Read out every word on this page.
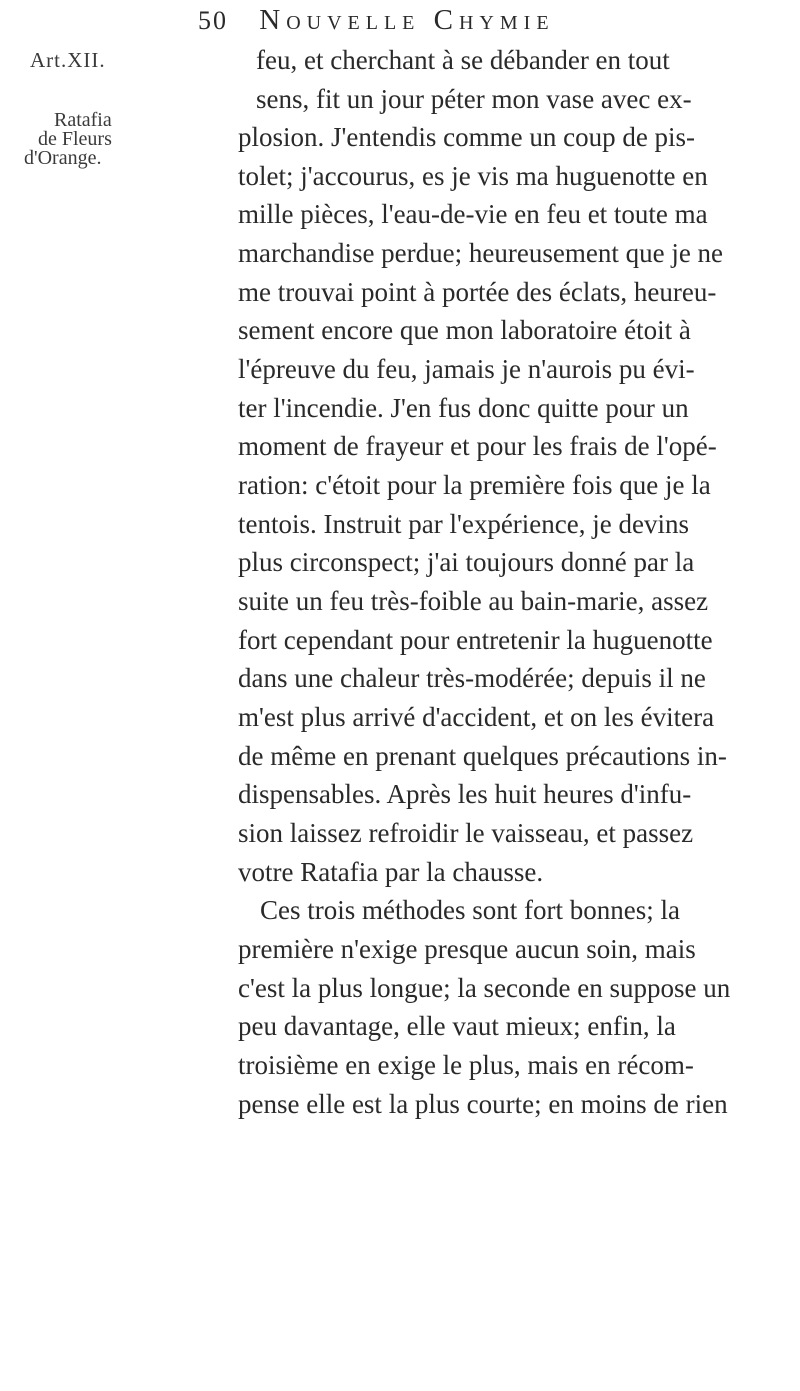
50 Nouvelle Chymie
Art.XII.
Ratafia
de Fleurs
d'Orange.
feu, et cherchant à se débander en tout
sens, fit un jour péter mon vase avec ex-
plosion. J'entendis comme un coup de pis-
tolet; j'accourus, es je vis ma huguenotte en
mille pièces, l'eau-de-vie en feu et toute ma
marchandise perdue; heureusement que je ne
me trouvai point à portée des éclats, heureu-
sement encore que mon laboratoire étoit à
l'épreuve du feu, jamais je n'aurois pu évi-
ter l'incendie. J'en fus donc quitte pour un
moment de frayeur et pour les frais de l'opé-
ration: c'étoit pour la première fois que je la
tentois. Instruit par l'expérience, je devins
plus circonspect; j'ai toujours donné par la
suite un feu très-foible au bain-marie, assez
fort cependant pour entretenir la huguenotte
dans une chaleur très-modérée; depuis il ne
m'est plus arrivé d'accident, et on les évitera
de même en prenant quelques précautions in-
dispensables. Après les huit heures d'infu-
sion laissez refroidir le vaisseau, et passez
votre Ratafia par la chausse.
Ces trois méthodes sont fort bonnes; la
première n'exige presque aucun soin, mais
c'est la plus longue; la seconde en suppose un
peu davantage, elle vaut mieux; enfin, la
troisième en exige le plus, mais en récom-
pense elle est la plus courte; en moins de rien
